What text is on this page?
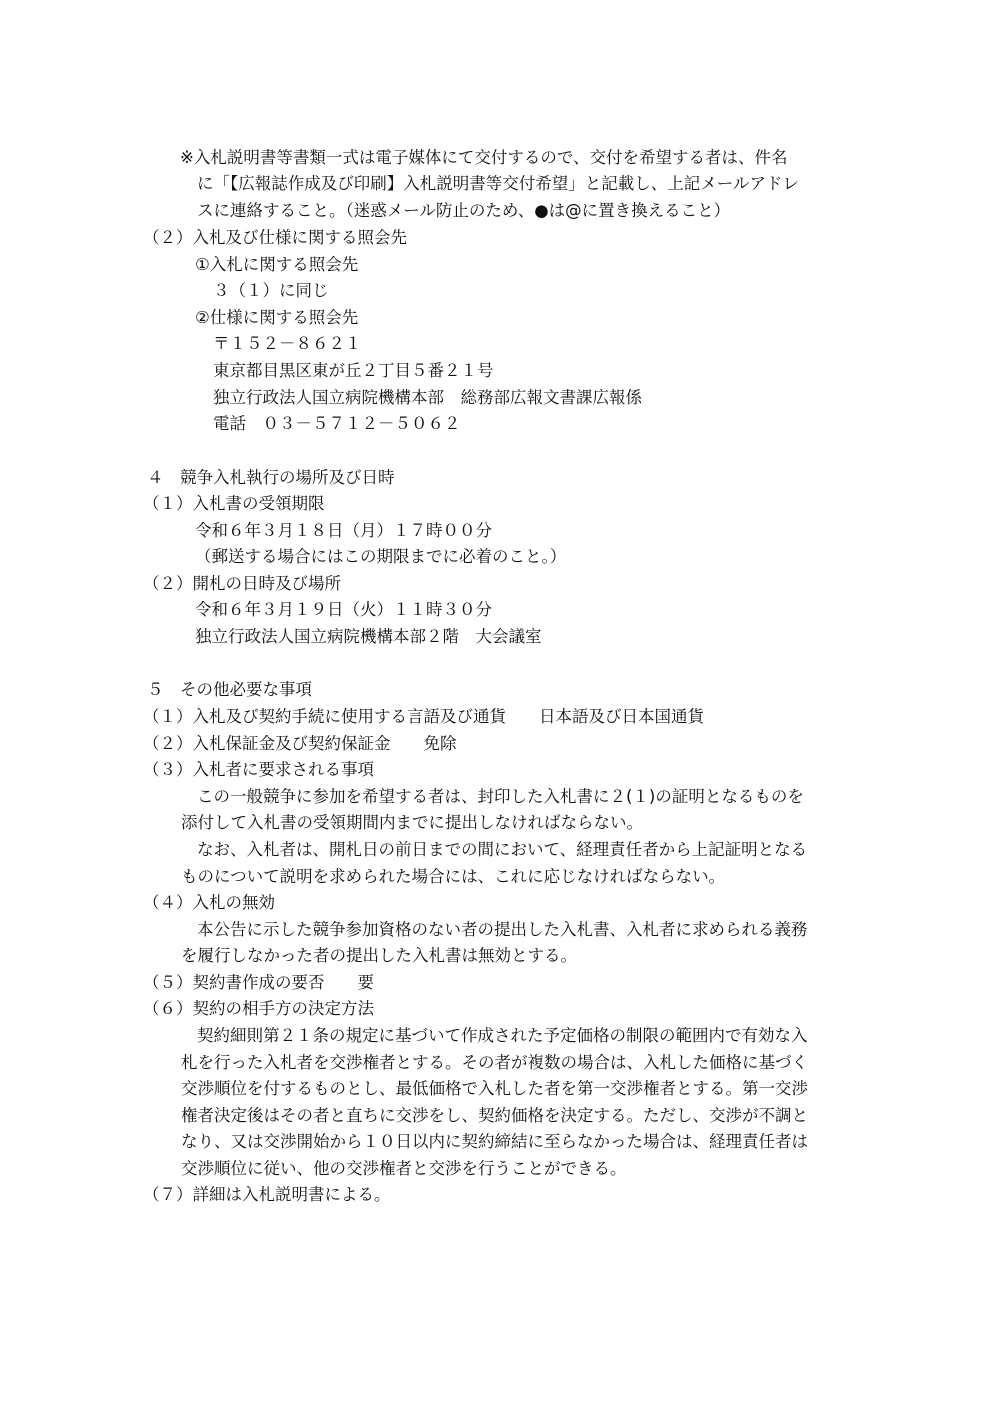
※入札説明書等書類一式は電子媒体にて交付するので、交付を希望する者は、件名
に「【広報誌作成及び印刷】入札説明書等交付希望」と記載し、上記メールアドレ
スに連絡すること。（迷惑メール防止のため、●は@に置き換えること）
（２）入札及び仕様に関する照会先
①入札に関する照会先
３（１）に同じ
②仕様に関する照会先
〒１５２－８６２１
東京都目黒区東が丘２丁目５番２１号
独立行政法人国立病院機構本部　総務部広報文書課広報係
電話　０３－５７１２－５０６２
４　競争入札執行の場所及び日時
（１）入札書の受領期限
令和６年３月１８日（月）１７時００分
（郵送する場合にはこの期限までに必着のこと。）
（２）開札の日時及び場所
令和６年３月１９日（火）１１時３０分
独立行政法人国立病院機構本部２階　大会議室
５　その他必要な事項
（１）入札及び契約手続に使用する言語及び通貨　　日本語及び日本国通貨
（２）入札保証金及び契約保証金　　免除
（３）入札者に要求される事項
この一般競争に参加を希望する者は、封印した入札書に２(１)の証明となるものを
添付して入札書の受領期間内までに提出しなければならない。
なお、入札者は、開札日の前日までの間において、経理責任者から上記証明となる
ものについて説明を求められた場合には、これに応じなければならない。
（４）入札の無効
本公告に示した競争参加資格のない者の提出した入札書、入札者に求められる義務
を履行しなかった者の提出した入札書は無効とする。
（５）契約書作成の要否　　要
（６）契約の相手方の決定方法
契約細則第２１条の規定に基づいて作成された予定価格の制限の範囲内で有効な入
札を行った入札者を交渉権者とする。その者が複数の場合は、入札した価格に基づく
交渉順位を付するものとし、最低価格で入札した者を第一交渉権者とする。第一交渉
権者決定後はその者と直ちに交渉をし、契約価格を決定する。ただし、交渉が不調と
なり、又は交渉開始から１０日以内に契約締結に至らなかった場合は、経理責任者は
交渉順位に従い、他の交渉権者と交渉を行うことができる。
（７）詳細は入札説明書による。
